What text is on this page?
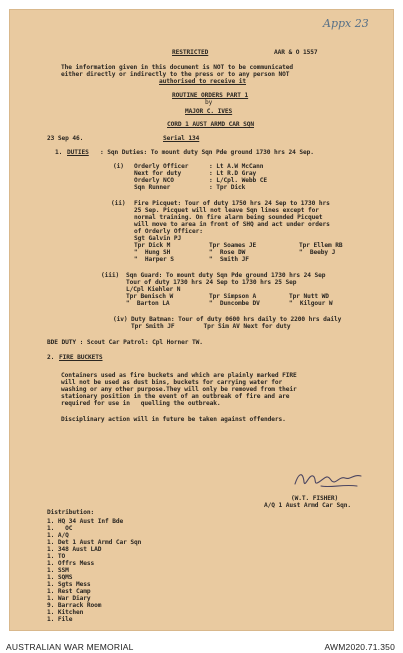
Appx 23
RESTRICTED	AAR & O 1557
The information given in this document is NOT to be communicated
either directly or indirectly to the press or to any person NOT
authorised to receive it
ROUTINE ORDERS PART 1
by
MAJOR C. IVES
CORD 1 AUST ARMD CAR SQN
23 Sep 46.	Serial 134
1. DUTIES : Sqn Duties: To mount duty Sqn Pde ground 1730 hrs 24 Sep.
(i) Orderly Officer	: Lt A.W McCann
Next for duty	: Lt R.D Gray
Orderly NCO	: L/Cpl. Webb CE
Sqn Runner	: Tpr Dick
(ii) Fire Picquet: Tour of duty 1750 hrs 24 Sep to 1730 hrs
25 Sep. Picquet will not leave Sqn lines except for
normal training. On fire alarm being sounded Picquet
will move to area in front of SHQ and act under orders
of Orderly Officer:
Sgt Galvin PJ
Tpr Dick M	Tpr Soames JE	Tpr Ellem RB
"  Hung SH	"  Rose DW	"  Beeby J
"  Harper S	"  Smith JF
(iii) Sqn Guard: To mount duty Sqn Pde ground 1730 hrs 24 Sep
Tour of duty 1730 hrs 24 Sep to 1730 hrs 25 Sep
L/Cpl Kiehler N
Tpr Benisch W	Tpr Simpson A	Tpr Nutt WD
"  Barton LA	"  Duncombe DV	"  Kilgour W
(iv) Duty Batman: Tour of duty 0600 hrs daily to 2200 hrs daily
Tpr Smith JF        Tpr Sim AV Next for duty
BDE DUTY : Scout Car Patrol: Cpl Horner TW.
2. FIRE BUCKETS
Containers used as fire buckets and which are plainly marked FIRE
will not be used as dust bins, buckets for carrying water for
washing or any other purpose.They will only be removed from their
stationary position in the event of an outbreak of fire and are
required for use in   quelling the outbreak.
Disciplinary action will in future be taken against offenders.
(W.T. FISHER)
A/Q 1 Aust Armd Car Sqn.
Distribution:
1. HQ 34 Aust Inf Bde
1.   OC
1. A/Q
1. Det 1 Aust Armd Car Sqn
1. 348 Aust LAD
1. TO
1. Offrs Mess
1. SSM
1. SQMS
1. Sgts Mess
1. Rest Camp
1. War Diary
9. Barrack Room
1. Kitchen
1. File
AUSTRALIAN WAR MEMORIAL	AWM2020.71.350
